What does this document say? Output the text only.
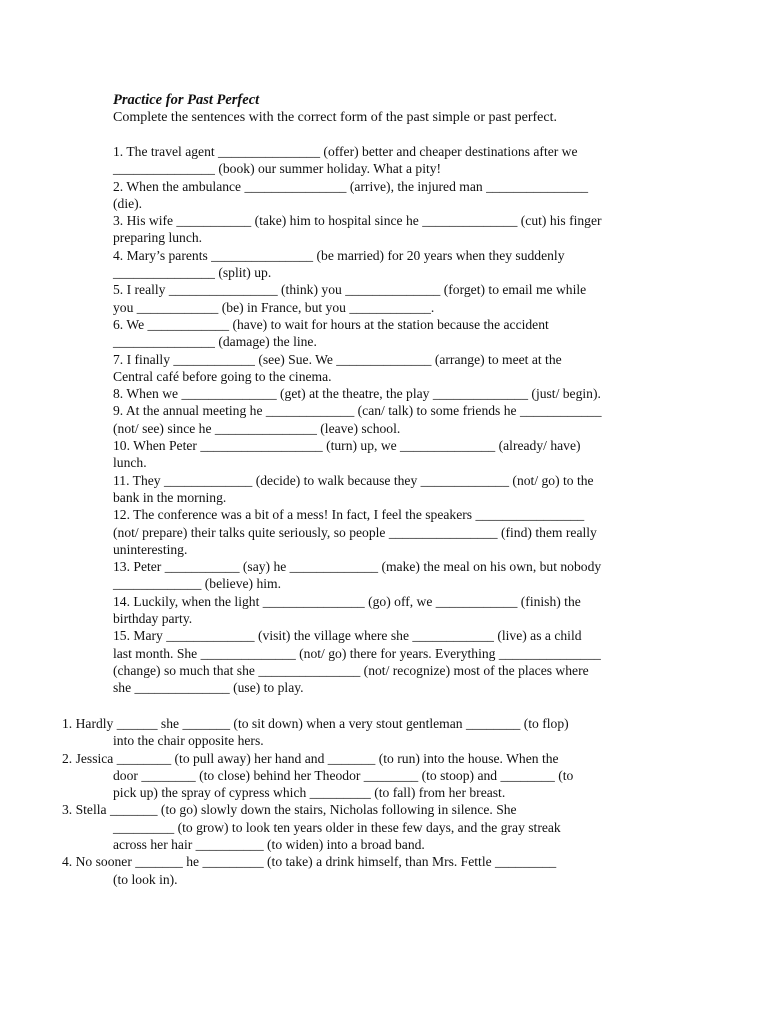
Practice for Past Perfect
Complete the sentences with the correct form of the past simple or past perfect.
1. The travel agent _______________ (offer) better and cheaper destinations after we
_______________ (book) our summer holiday. What a pity!
2. When the ambulance _______________ (arrive), the injured man _______________
(die).
3. His wife ___________ (take) him to hospital since he ______________ (cut) his finger
preparing lunch.
4. Mary’s parents _______________ (be married) for 20 years when they suddenly
_______________ (split) up.
5. I really ________________ (think) you ______________ (forget) to email me while
you ____________ (be) in France, but you ____________.
6. We ____________ (have) to wait for hours at the station because the accident
_______________ (damage) the line.
7. I finally ____________ (see) Sue. We ______________ (arrange) to meet at the
Central café before going to the cinema.
8. When we ______________ (get) at the theatre, the play ______________ (just/ begin).
9. At the annual meeting he _____________ (can/ talk) to some friends he ____________
(not/ see) since he _______________ (leave) school.
10. When Peter __________________ (turn) up, we ______________ (already/ have)
lunch.
11. They _____________ (decide) to walk because they _____________ (not/ go) to the
bank in the morning.
12. The conference was a bit of a mess! In fact, I feel the speakers ________________
(not/ prepare) their talks quite seriously, so people ________________ (find) them really
uninteresting.
13. Peter ___________ (say) he _____________ (make) the meal on his own, but nobody
_____________ (believe) him.
14. Luckily, when the light _______________ (go) off, we ____________ (finish) the
birthday party.
15. Mary _____________ (visit) the village where she ____________ (live) as a child
last month. She ______________ (not/ go) there for years. Everything _______________
(change) so much that she _______________ (not/ recognize) most of the places where
she ______________ (use) to play.
1. Hardly ______ she _______ (to sit down) when a very stout gentleman ________ (to flop)
into the chair opposite hers.
2. Jessica ________ (to pull away) her hand and _______ (to run) into the house. When the
door ________ (to close) behind her Theodor ________ (to stoop) and ________ (to
pick up) the spray of cypress which _________ (to fall) from her breast.
3. Stella _______ (to go) slowly down the stairs, Nicholas following in silence. She
_________ (to grow) to look ten years older in these few days, and the gray streak
across her hair __________ (to widen) into a broad band.
4. No sooner _______ he _________ (to take) a drink himself, than Mrs. Fettle _________
(to look in).
